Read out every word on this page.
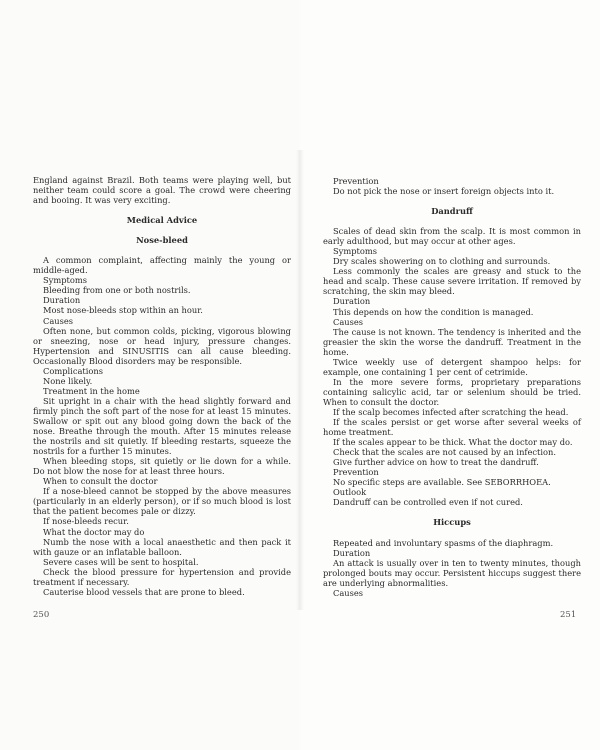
England against Brazil. Both teams were playing well, but neither team could score a goal. The crowd were cheering and booing. It was very exciting.

Medical Advice

Nose-bleed

A common complaint, affecting mainly the young or middle-aged.

Symptoms

Bleeding from one or both nostrils.

Duration

Most nose-bleeds stop within an hour.

Causes

Often none, but common colds, picking, vigorous blowing or sneezing, nose or head injury, pressure changes. Hypertension and SINUSITIS can all cause bleeding. Occasionally Blood disorders may be responsible.

Complications

None likely.

Treatment in the home

Sit upright in a chair with the head slightly forward and firmly pinch the soft part of the nose for at least 15 minutes. Swallow or spit out any blood going down the back of the nose. Breathe through the mouth. After 15 minutes release the nostrils and sit quietly. If bleeding restarts, squeeze the nostrils for a further 15 minutes.

When bleeding stops, sit quietly or lie down for a while. Do not blow the nose for at least three hours.

When to consult the doctor

If a nose-bleed cannot be stopped by the above measures (particularly in an elderly person), or if so much blood is lost that the patient becomes pale or dizzy.

If nose-bleeds recur.

What the doctor may do

Numb the nose with a local anaesthetic and then pack it with gauze or an inflatable balloon.

Severe cases will be sent to hospital.

Check the blood pressure for hypertension and provide treatment if necessary.

Cauterise blood vessels that are prone to bleed.

Prevention

Do not pick the nose or insert foreign objects into it.

Dandruff

Scales of dead skin from the scalp. It is most common in early adulthood, but may occur at other ages.

Symptoms

Dry scales showering on to clothing and surrounds.

Less commonly the scales are greasy and stuck to the head and scalp. These cause severe irritation. If removed by scratching, the skin may bleed.

Duration

This depends on how the condition is managed.

Causes

The cause is not known. The tendency is inherited and the greasier the skin the worse the dandruff. Treatment in the home.

Twice weekly use of detergent shampoo helps: for example, one containing 1 per cent of cetrimide.

In the more severe forms, proprietary preparations containing salicylic acid, tar or selenium should be tried. When to consult the doctor.

If the scalp becomes infected after scratching the head.

If the scales persist or get worse after several weeks of home treatment.

If the scales appear to be thick. What the doctor may do.

Check that the scales are not caused by an infection.

Give further advice on how to treat the dandruff.

Prevention

No specific steps are available. See SEBORRHOEA.

Outlook

Dandruff can be controlled even if not cured.

Hiccups

Repeated and involuntary spasms of the diaphragm.

Duration

An attack is usually over in ten to twenty minutes, though prolonged bouts may occur. Persistent hiccups suggest there are underlying abnormalities.

Causes

250	251
